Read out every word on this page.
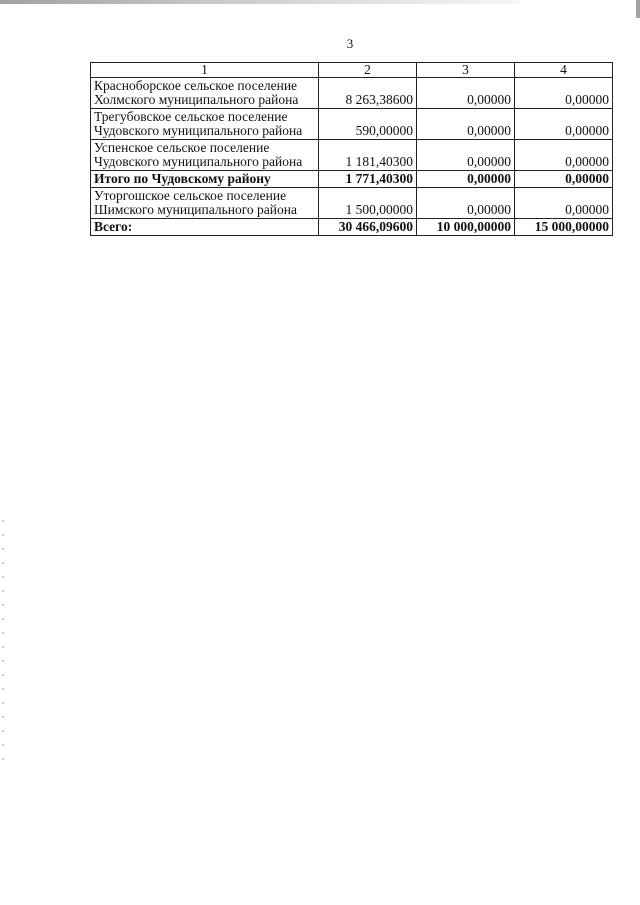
3
1	2	3	4
Красноборское сельское поселение Холмского муниципального района	8 263,38600	0,00000	0,00000
Трегубовское сельское поселение Чудовского муниципального района	590,00000	0,00000	0,00000
Успенское сельское поселение Чудовского муниципального района	1 181,40300	0,00000	0,00000
Итого по Чудовскому району	1 771,40300	0,00000	0,00000
Уторгошское сельское поселение Шимского муниципального района	1 500,00000	0,00000	0,00000
Всего:	30 466,09600	10 000,00000	15 000,00000
